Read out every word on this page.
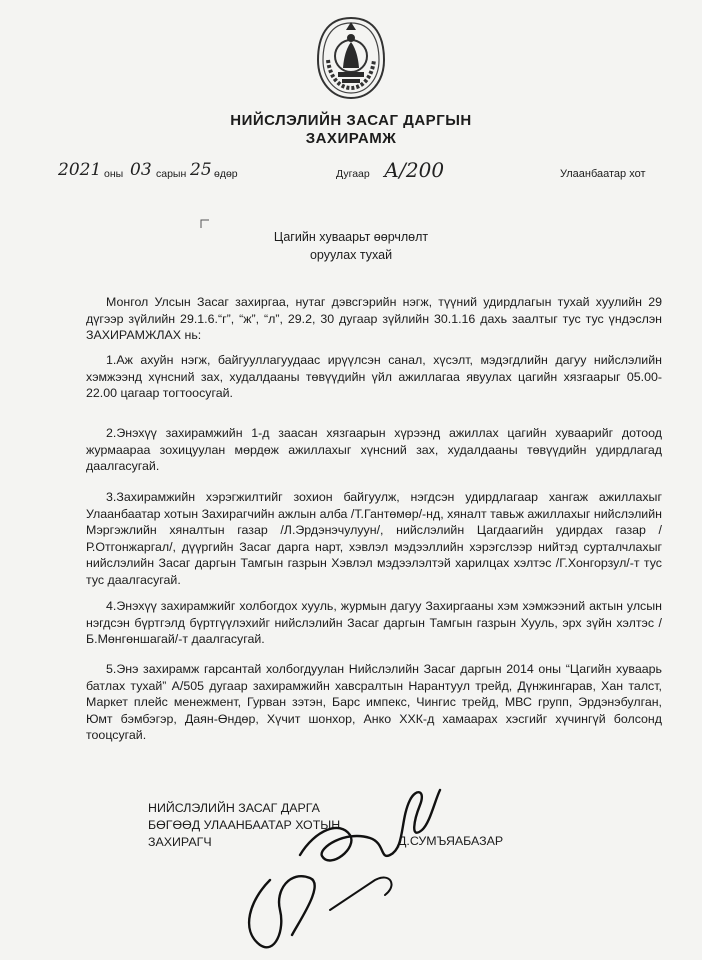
НИЙСЛЭЛИЙН ЗАСАГ ДАРГЫН
ЗАХИРАМЖ
2021 оны 03 сарын 25 өдөр	Дугаар А/200	Улаанбаатар хот
Цагийн хуваарьт өөрчлөлт
оруулах тухай

Монгол Улсын Засаг захиргаа, нутаг дэвсгэрийн нэгж, түүний удирдлагын тухай хуулийн 29 дүгээр зүйлийн 29.1.6.“г”, “ж”, “л”, 29.2, 30 дугаар зүйлийн 30.1.16 дахь заалтыг тус тус үндэслэн ЗАХИРАМЖЛАХ нь:

1.Аж ахуйн нэгж, байгууллагуудаас ирүүлсэн санал, хүсэлт, мэдэгдлийн дагуу нийслэлийн хэмжээнд хүнсний зах, худалдааны төвүүдийн үйл ажиллагаа явуулах цагийн хязгаарыг 05.00-22.00 цагаар тогтоосугай.

2.Энэхүү захирамжийн 1-д заасан хязгаарын хүрээнд ажиллах цагийн хуваарийг дотоод журмаараа зохицуулан мөрдөж ажиллахыг хүнсний зах, худалдааны төвүүдийн удирдлагад даалгасугай.

3.Захирамжийн хэрэгжилтийг зохион байгуулж, нэгдсэн удирдлагаар хангаж ажиллахыг Улаанбаатар хотын Захирагчийн ажлын алба /Т.Гантөмөр/-нд, хяналт тавьж ажиллахыг нийслэлийн Мэргэжлийн хяналтын газар /Л.Эрдэнэчулуун/, нийслэлийн Цагдаагийн удирдах газар /Р.Отгонжаргал/, дүүргийн Засаг дарга нарт, хэвлэл мэдээллийн хэрэгслээр нийтэд сурталчлахыг нийслэлийн Засаг даргын Тамгын газрын Хэвлэл мэдээлэлтэй харилцах хэлтэс /Г.Хонгорзул/-т тус тус даалгасугай.

4.Энэхүү захирамжийг холбогдох хууль, журмын дагуу Захиргааны хэм хэмжээний актын улсын нэгдсэн бүртгэлд бүртгүүлэхийг нийслэлийн Засаг даргын Тамгын газрын Хууль, эрх зүйн хэлтэс /Б.Мөнгөншагай/-т даалгасугай.

5.Энэ захирамж гарсантай холбогдуулан Нийслэлийн Засаг даргын 2014 оны “Цагийн хуваарь батлах тухай” А/505 дугаар захирамжийн хавсралтын Нарантуул трейд, Дүнжингарав, Хан талст, Маркет плейс менежмент, Гурван зэтэн, Барс импекс, Чингис трейд, МВС групп, Эрдэнэбулган, Юмт бэмбэгэр, Даян-Өндөр, Хүчит шонхор, Анко ХХК-д хамаарах хэсгийг хүчингүй болсонд тооцсугай.

НИЙСЛЭЛИЙН ЗАСАГ ДАРГА
БӨГӨӨД УЛААНБААТАР ХОТЫН
ЗАХИРАГЧ	Д.СУМЪЯАБАЗАР
